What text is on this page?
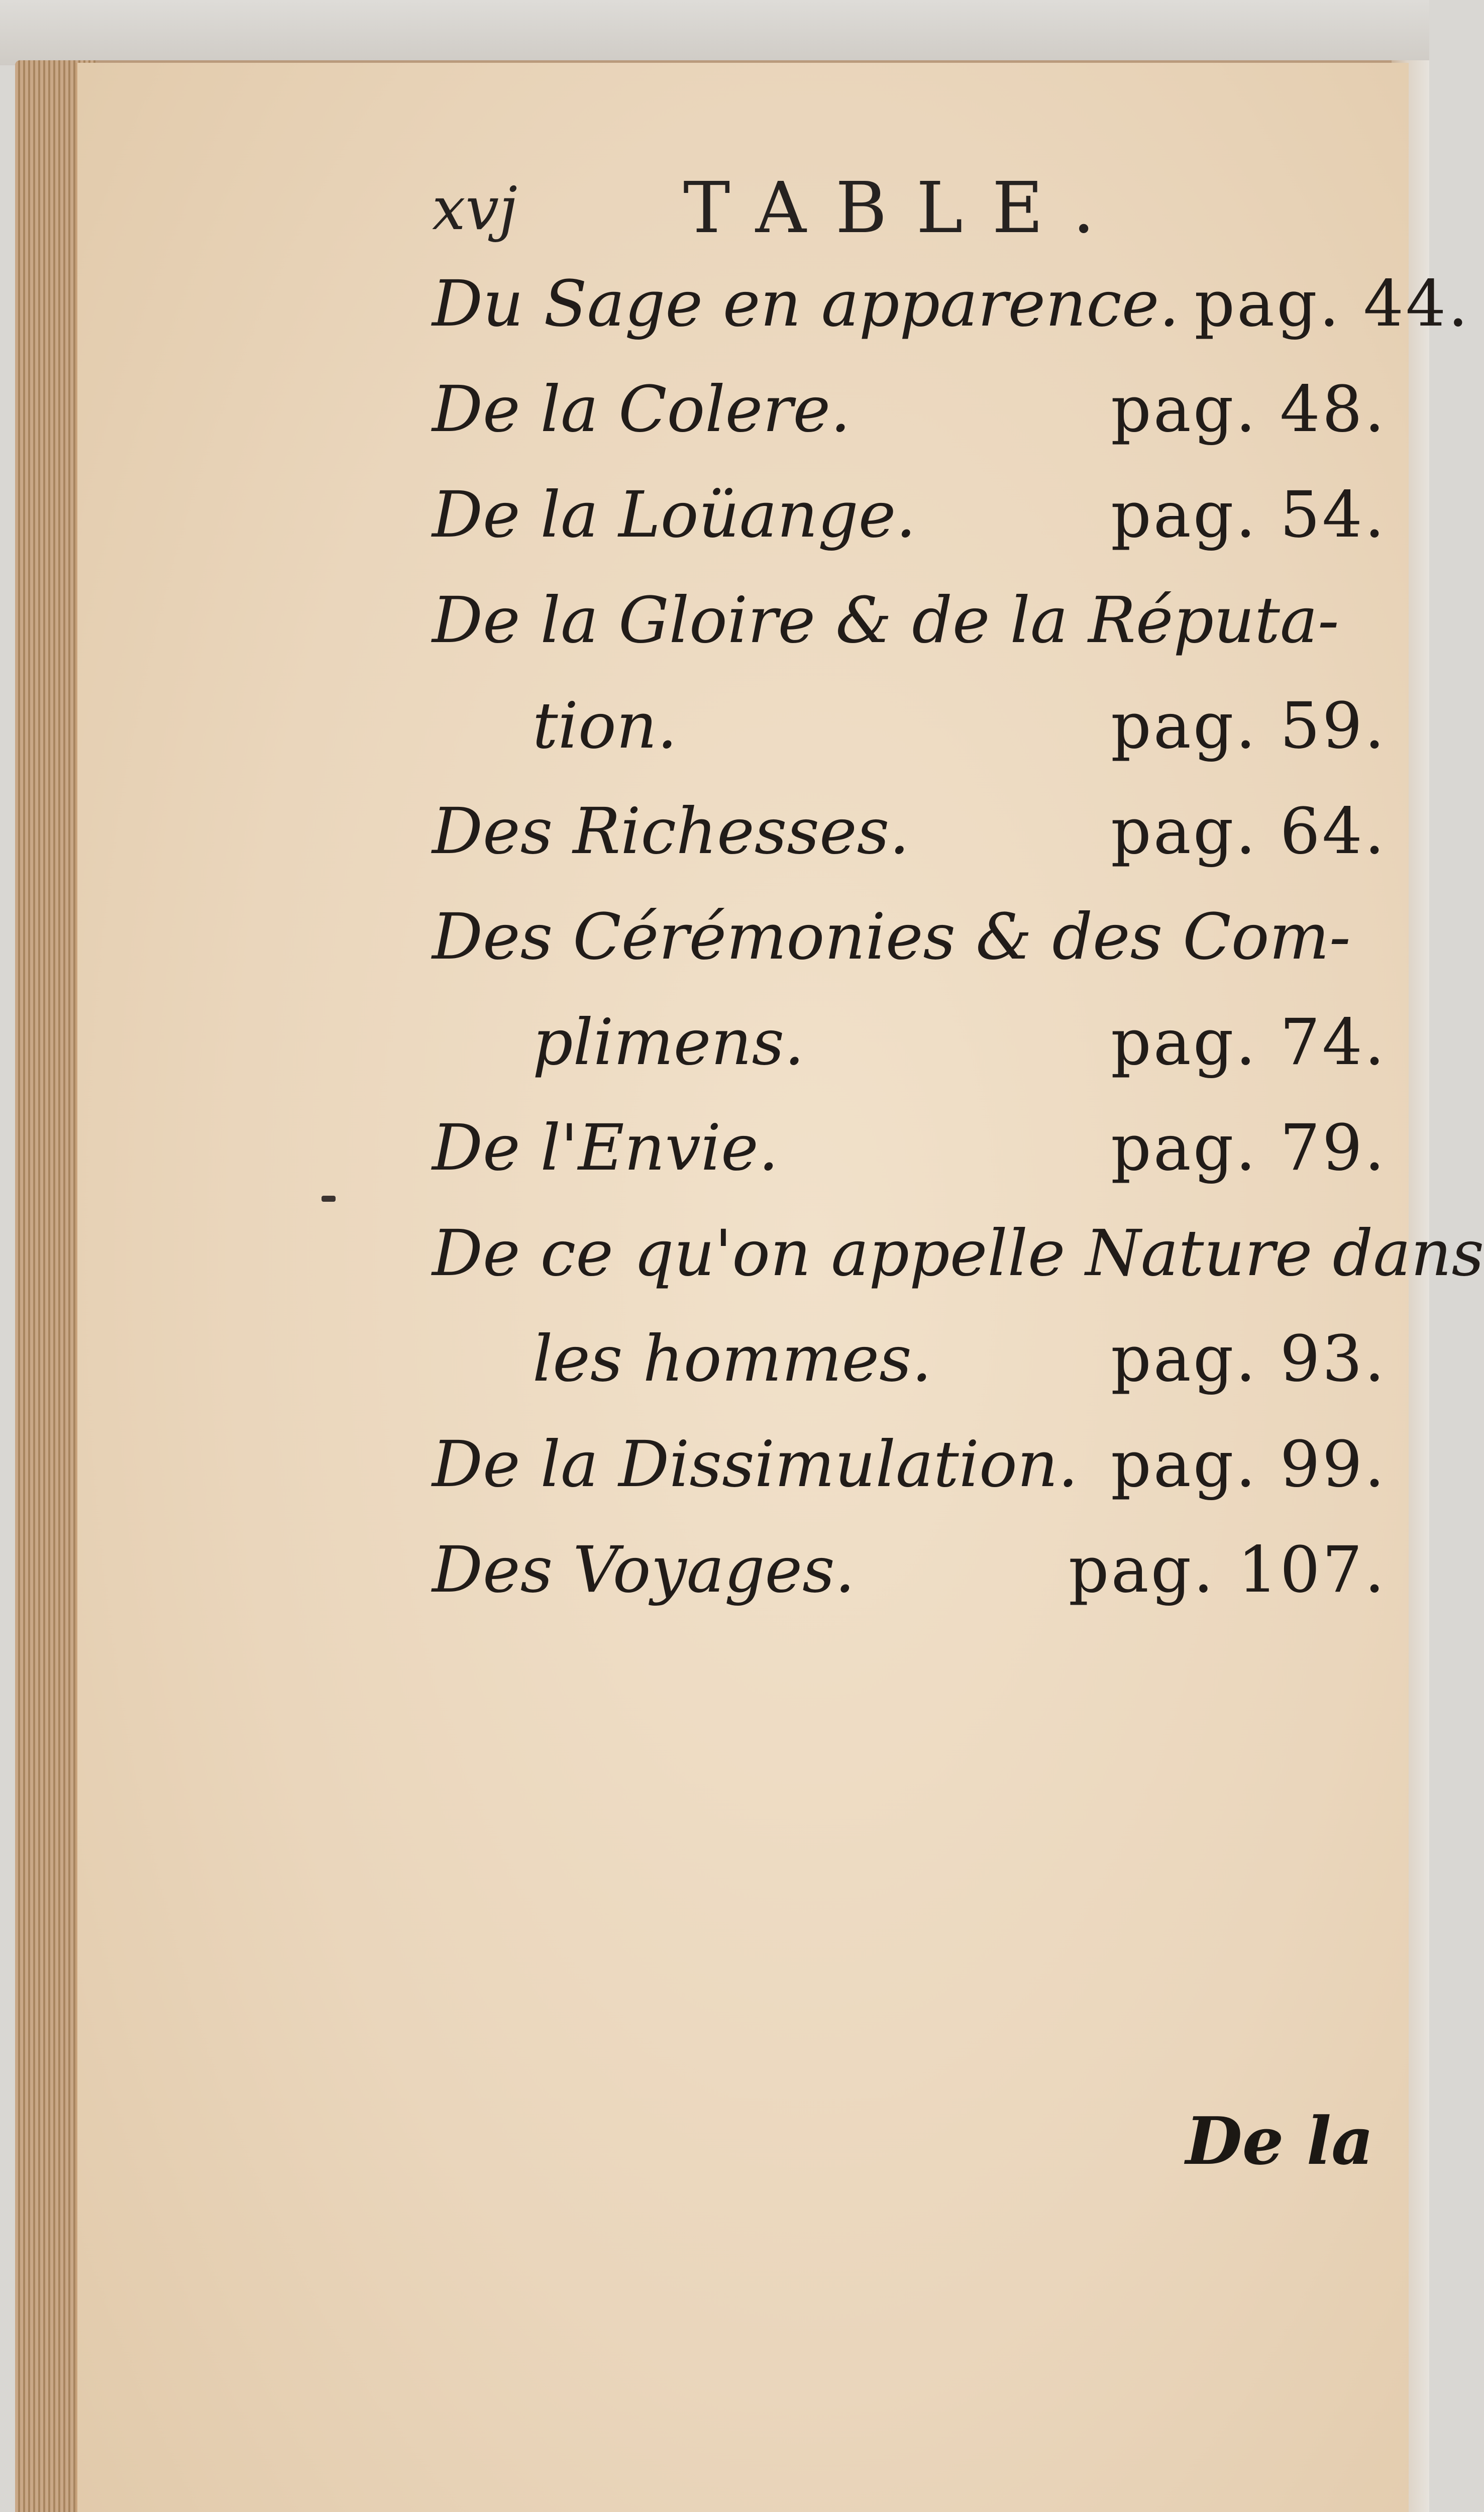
xvj TABLE.
Du Sage en apparence. pag. 44.
De la Colere.	pag. 48.
De la Loüange.	pag. 54.
De la Gloire & de la Réputa-
tion.	pag. 59.
Des Richesses.	pag. 64.
Des Cérémonies & des Com-
plimens.	pag. 74.
De l'Envie.	pag. 79.
De ce qu'on appelle Nature dans
les hommes.	pag. 93.
De la Dissimulation. pag. 99.
Des Voyages.	pag. 107.
De la
